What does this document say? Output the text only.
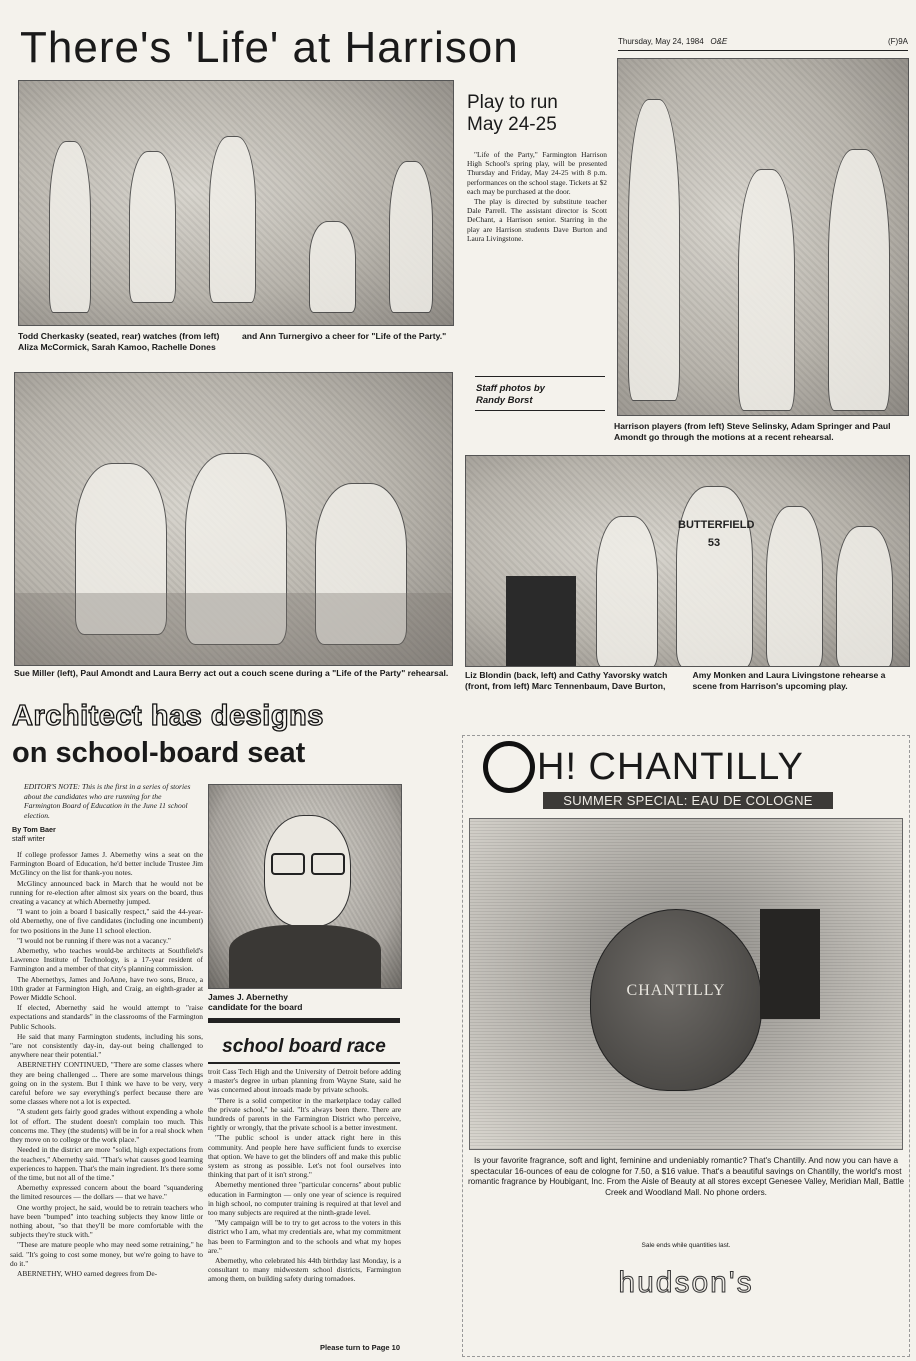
There's 'Life' at Harrison	Thursday, May 24, 1984 O&E	(F)9A
Todd Cherkasky (seated, rear) watches (from left) Aliza McCormick, Sarah Kamoo, Rachelle Dones and Ann Turnergivo a cheer for "Life of the Party."
Play to run
May 24-25

"Life of the Party," Farmington Harrison High School's spring play, will be presented Thursday and Friday, May 24-25 with 8 p.m. performances on the school stage. Tickets at $2 each may be purchased at the door.

The play is directed by substitute teacher Dale Parrell. The assistant director is Scott DeChant, a Harrison senior. Starring in the play are Harrison students Dave Burton and Laura Livingstone.

Staff photos by
Randy Borst
Harrison players (from left) Steve Selinsky, Adam Springer and Paul Amondt go through the motions at a recent rehearsal.
Sue Miller (left), Paul Amondt and Laura Berry act out a couch scene during a "Life of the Party" rehearsal.
BUTTERFIELD 53
Liz Blondin (back, left) and Cathy Yavorsky watch (front, from left) Marc Tennenbaum, Dave Burton, Amy Monken and Laura Livingstone rehearse a scene from Harrison's upcoming play.
Architect has designs
on school-board seat
EDITOR'S NOTE: This is the first in a series of stories about the candidates who are running for the Farmington Board of Education in the June 11 school election.
By Tom Baer
staff writer

If college professor James J. Abernethy wins a seat on the Farmington Board of Education, he'd better include Trustee Jim McGlincy on the list for thank-you notes.

McGlincy announced back in March that he would not be running for re-election after almost six years on the board, thus creating a vacancy at which Abernethy jumped.

"I want to join a board I basically respect," said the 44-year-old Abernethy, one of five candidates (including one incumbent) for two positions in the June 11 school election.

"I would not be running if there was not a vacancy."

Abernethy, who teaches would-be architects at Southfield's Lawrence Institute of Technology, is a 17-year resident of Farmington and a member of that city's planning commission.

The Abernethys, James and JoAnne, have two sons, Bruce, a 10th grader at Farmington High, and Craig, an eighth-grader at Power Middle School.

If elected, Abernethy said he would attempt to "raise expectations and standards" in the classrooms of the Farmington Public Schools.

He said that many Farmington students, including his sons, "are not consistently day-in, day-out being challenged to anywhere near their potential."

ABERNETHY CONTINUED, "There are some classes where they are being challenged ... There are some marvelous things going on in the system. But I think we have to be very, very careful before we say everything's perfect because there are some classes where not a lot is expected.

"A student gets fairly good grades without expending a whole lot of effort. The student doesn't complain too much. This concerns me. They (the students) will be in for a real shock when they move on to college or the work place."

Needed in the district are more "solid, high expectations from the teachers," Abernethy said. "That's what causes good learning experiences to happen. That's the main ingredient. It's there some of the time, but not all of the time."

Abernethy expressed concern about the board "squandering the limited resources — the dollars — that we have."

One worthy project, he said, would be to retrain teachers who have been "bumped" into teaching subjects they know little or nothing about, "so that they'll be more comfortable with the subjects they're stuck with."

"These are mature people who may need some retraining," he said. "It's going to cost some money, but we're going to have to do it."

ABERNETHY, WHO earned degrees from De-

James J. Abernethy
candidate for the board
school board race

troit Cass Tech High and the University of Detroit before adding a master's degree in urban planning from Wayne State, said he was concerned about inroads made by private schools.

"There is a solid competitor in the marketplace today called the private school," he said. "It's always been there. There are hundreds of parents in the Farmington District who perceive, rightly or wrongly, that the private school is a better investment.

"The public school is under attack right here in this community. And people here have sufficient funds to exercise that option. We have to get the blinders off and make this public system as strong as possible. Let's not fool ourselves into thinking that part of it isn't strong."

Abernethy mentioned three "particular concerns" about public education in Farmington — only one year of science is required in high school, no computer training is required at that level and too many subjects are required at the ninth-grade level.

"My campaign will be to try to get across to the voters in this district who I am, what my credentials are, what my commitment has been to Farmington and to the schools and what my hopes are."

Abernethy, who celebrated his 44th birthday last Monday, is a consultant to many midwestern school districts, Farmington among them, on building safety during tornadoes.

Please turn to Page 10
H! CHANTILLY
SUMMER SPECIAL: EAU DE COLOGNE
CHANTILLY
Is your favorite fragrance, soft and light, feminine and undeniably romantic? That's Chantilly. And now you can have a spectacular 16-ounces of eau de cologne for 7.50, a $16 value. That's a beautiful savings on Chantilly, the world's most romantic fragrance by Houbigant, Inc. From the Aisle of Beauty at all stores except Genesee Valley, Meridian Mall, Battle Creek and Woodland Mall. No phone orders.
Sale ends while quantities last.
hudson's
